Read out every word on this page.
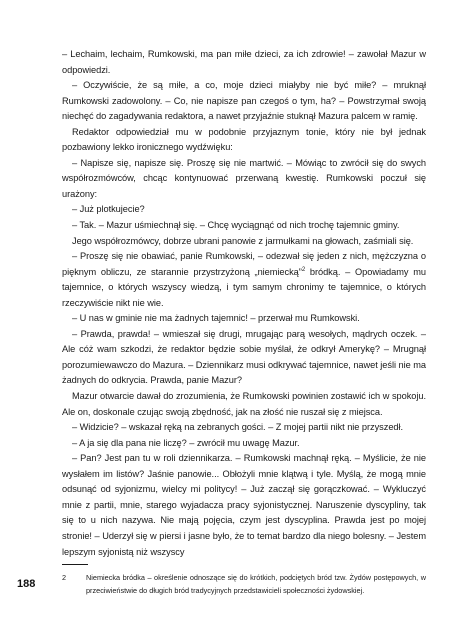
– Lechaim, lechaim, Rumkowski, ma pan miłe dzieci, za ich zdrowie! – zawołał Mazur w odpowiedzi.

– Oczywiście, że są miłe, a co, moje dzieci miałyby nie być miłe? – mruknął Rumkowski zadowolony. – Co, nie napisze pan czegoś o tym, ha? – Powstrzymał swoją niechęć do zagadywania redaktora, a nawet przyjaźnie stuknął Mazura palcem w ramię.

Redaktor odpowiedział mu w podobnie przyjaznym tonie, który nie był jednak pozbawiony lekko ironicznego wydźwięku:

– Napisze się, napisze się. Proszę się nie martwić. – Mówiąc to zwrócił się do swych współrozmówców, chcąc kontynuować przerwaną kwestię. Rumkowski poczuł się urażony:

– Już plotkujecie?

– Tak. – Mazur uśmiechnął się. – Chcę wyciągnąć od nich trochę tajemnic gminy.

Jego współrozmówcy, dobrze ubrani panowie z jarmułkami na głowach, zaśmiali się.

– Proszę się nie obawiać, panie Rumkowski, – odezwał się jeden z nich, mężczyzna o pięknym obliczu, ze starannie przystrzyżoną „niemiecką”$^2$ bródką. – Opowiadamy mu tajemnice, o których wszyscy wiedzą, i tym samym chronimy te tajemnice, o których rzeczywiście nikt nie wie.

– U nas w gminie nie ma żadnych tajemnic! – przerwał mu Rumkowski.

– Prawda, prawda! – wmieszał się drugi, mrugając parą wesołych, mądrych oczek. – Ale cóż wam szkodzi, że redaktor będzie sobie myślał, że odkrył Amerykę? – Mrugnął porozumiewawczo do Mazura. – Dziennikarz musi odkrywać tajemnice, nawet jeśli nie ma żadnych do odkrycia. Prawda, panie Mazur?

Mazur otwarcie dawał do zrozumienia, że Rumkowski powinien zostawić ich w spokoju. Ale on, doskonale czując swoją zbędność, jak na złość nie ruszał się z miejsca.

– Widzicie? – wskazał ręką na zebranych gości. – Z mojej partii nikt nie przyszedł.

– A ja się dla pana nie liczę? – zwrócił mu uwagę Mazur.

– Pan? Jest pan tu w roli dziennikarza. – Rumkowski machnął ręką. – Myślicie, że nie wysłałem im listów? Jaśnie panowie... Obłożyli mnie klątwą i tyle. Myślą, że mogą mnie odsunąć od syjonizmu, wielcy mi politycy! – Już zaczął się gorączkować. – Wykluczyć mnie z partii, mnie, starego wyjadacza pracy syjonistycznej. Naruszenie dyscypliny, tak się to u nich nazywa. Nie mają pojęcia, czym jest dyscyplina. Prawda jest po mojej stronie! – Uderzył się w piersi i jasne było, że to temat bardzo dla niego bolesny. – Jestem lepszym syjonistą niż wszyscy

2	Niemiecka bródka – określenie odnoszące się do krótkich, podciętych bród tzw. Żydów postępowych, w przeciwieństwie do długich bród tradycyjnych przedstawicieli społeczności żydowskiej.
188
